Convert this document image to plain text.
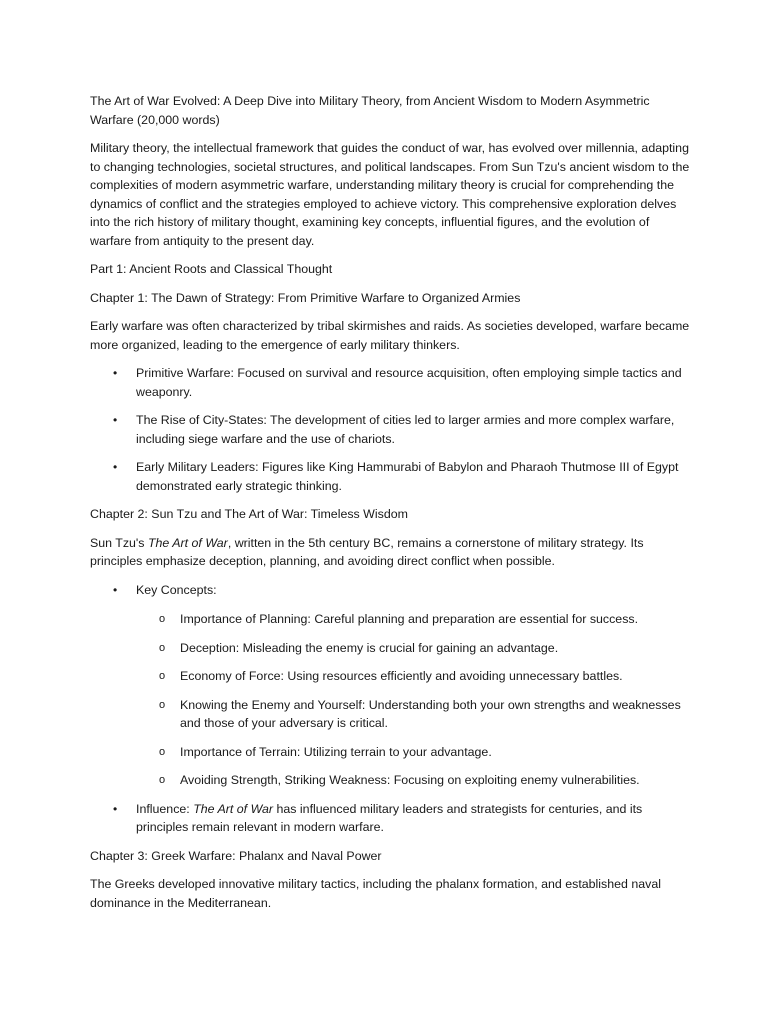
The Art of War Evolved: A Deep Dive into Military Theory, from Ancient Wisdom to Modern Asymmetric Warfare (20,000 words)

Military theory, the intellectual framework that guides the conduct of war, has evolved over millennia, adapting to changing technologies, societal structures, and political landscapes. From Sun Tzu's ancient wisdom to the complexities of modern asymmetric warfare, understanding military theory is crucial for comprehending the dynamics of conflict and the strategies employed to achieve victory. This comprehensive exploration delves into the rich history of military thought, examining key concepts, influential figures, and the evolution of warfare from antiquity to the present day.

Part 1: Ancient Roots and Classical Thought

Chapter 1: The Dawn of Strategy: From Primitive Warfare to Organized Armies

Early warfare was often characterized by tribal skirmishes and raids. As societies developed, warfare became more organized, leading to the emergence of early military thinkers.

• Primitive Warfare: Focused on survival and resource acquisition, often employing simple tactics and weaponry.
• The Rise of City-States: The development of cities led to larger armies and more complex warfare, including siege warfare and the use of chariots.
• Early Military Leaders: Figures like King Hammurabi of Babylon and Pharaoh Thutmose III of Egypt demonstrated early strategic thinking.

Chapter 2: Sun Tzu and The Art of War: Timeless Wisdom

Sun Tzu's The Art of War, written in the 5th century BC, remains a cornerstone of military strategy. Its principles emphasize deception, planning, and avoiding direct conflict when possible.

• Key Concepts:
o Importance of Planning: Careful planning and preparation are essential for success.
o Deception: Misleading the enemy is crucial for gaining an advantage.
o Economy of Force: Using resources efficiently and avoiding unnecessary battles.
o Knowing the Enemy and Yourself: Understanding both your own strengths and weaknesses and those of your adversary is critical.
o Importance of Terrain: Utilizing terrain to your advantage.
o Avoiding Strength, Striking Weakness: Focusing on exploiting enemy vulnerabilities.
• Influence: The Art of War has influenced military leaders and strategists for centuries, and its principles remain relevant in modern warfare.

Chapter 3: Greek Warfare: Phalanx and Naval Power

The Greeks developed innovative military tactics, including the phalanx formation, and established naval dominance in the Mediterranean.
